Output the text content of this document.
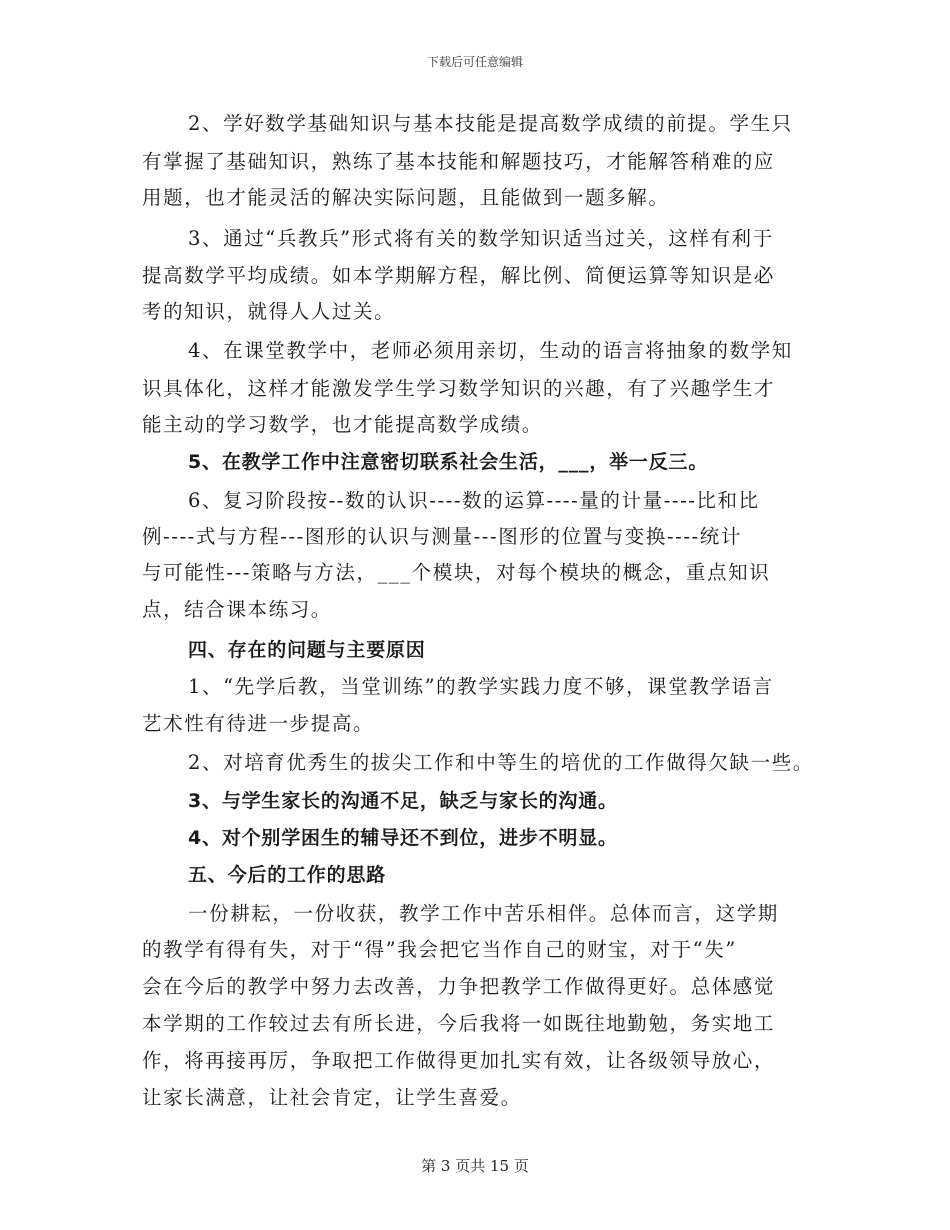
下载后可任意编辑
2、学好数学基础知识与基本技能是提高数学成绩的前提。学生只
有掌握了基础知识，熟练了基本技能和解题技巧，才能解答稍难的应
用题，也才能灵活的解决实际问题，且能做到一题多解。
3、通过“兵教兵”形式将有关的数学知识适当过关，这样有利于
提高数学平均成绩。如本学期解方程，解比例、简便运算等知识是必
考的知识，就得人人过关。
4、在课堂教学中，老师必须用亲切，生动的语言将抽象的数学知
识具体化，这样才能激发学生学习数学知识的兴趣，有了兴趣学生才
能主动的学习数学，也才能提高数学成绩。
5、在教学工作中注意密切联系社会生活，___，举一反三。
6、复习阶段按--数的认识----数的运算----量的计量----比和比
例----式与方程---图形的认识与测量---图形的位置与变换----统计
与可能性---策略与方法，___个模块，对每个模块的概念，重点知识
点，结合课本练习。
四、存在的问题与主要原因
1、“先学后教，当堂训练”的教学实践力度不够，课堂教学语言
艺术性有待进一步提高。
2、对培育优秀生的拔尖工作和中等生的培优的工作做得欠缺一些。
3、与学生家长的沟通不足，缺乏与家长的沟通。
4、对个别学困生的辅导还不到位，进步不明显。
五、今后的工作的思路
一份耕耘，一份收获，教学工作中苦乐相伴。总体而言，这学期
的教学有得有失，对于“得”我会把它当作自己的财宝，对于“失”
会在今后的教学中努力去改善，力争把教学工作做得更好。总体感觉
本学期的工作较过去有所长进，今后我将一如既往地勤勉，务实地工
作，将再接再厉，争取把工作做得更加扎实有效，让各级领导放心，
让家长满意，让社会肯定，让学生喜爱。
第 3 页共 15 页
